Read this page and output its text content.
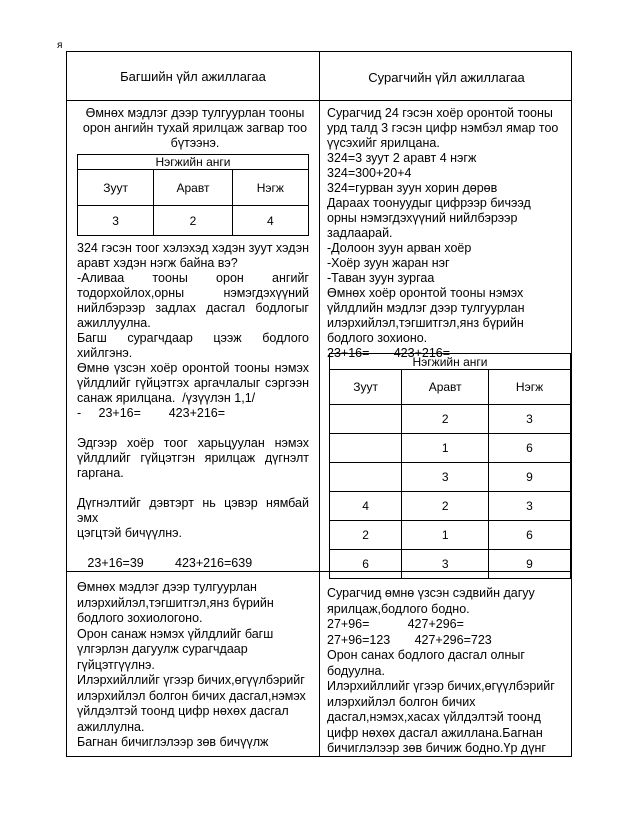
я
Багшийн үйл ажиллагаа	Сурагчийн үйл ажиллагаа
Өмнөх мэдлэг дээр тулгуурлан тооны
орон ангийн тухай ярилцаж загвар тоо
бүтээнэ.
Нэгжийн анги		
Зуут	Аравт	Нэгж
3	2	4
324 гэсэн тоог хэлэхэд хэдэн зуут хэдэн
аравт хэдэн нэгж байна вэ?
-Аливаа тооны орон ангийг
тодорхойлох,орны нэмэгдэхүүний
нийлбэрээр задлах дасгал бодлогыг
ажиллуулна.
Багш сурагчдаар цээж бодлого
хийлгэнэ.
Өмнө үзсэн хоёр оронтой тооны нэмэх
үйлдлийг гүйцэтгэх аргачлалыг сэргээн
санаж ярилцана.  /үзүүлэн 1,1/
-     23+16=        423+216=
Эдгээр хоёр тоог харьцуулан нэмэх
үйлдлийг гүйцэтгэн ярилцаж дүгнэлт
гаргана.
Дүгнэлтийг дэвтэрт нь цэвэр нямбай эмх
цэгцтэй бичүүлнэ.
23+16=39         423+216=639
Сурагчид 24 гэсэн хоёр оронтой тооны
урд талд 3 гэсэн цифр нэмбэл ямар тоо
үүсэхийг ярилцана.
324=3 зуут 2 аравт 4 нэгж
324=300+20+4
324=гурван зуун хорин дөрөв
Дараах тоонуудыг цифрээр бичээд
орны нэмэгдэхүүний нийлбэрээр
задлаарай.
-Долоон зуун арван хоёр
-Хоёр зуун жаран нэг
-Таван зуун зургаа
Өмнөх хоёр оронтой тооны нэмэх
үйлдлийн мэдлэг дээр тулгуурлан
илэрхийлэл,тэгшитгэл,янз бүрийн
бодлого зохионо.
23+16=       423+216=
Нэгжийн анги		
Зуут	Аравт	Нэгж
	2	3
	1	6
	3	9
4	2	3
2	1	6
6	3	9
Өмнөх мэдлэг дээр тулгуурлан
илэрхийлэл,тэгшитгэл,янз бүрийн
бодлого зохиологоно.
Орон санаж нэмэх үйлдлийг багш
үлгэрлэн дагуулж сурагчдаар
гүйцэтгүүлнэ.
Илэрхийллийг үгээр бичих,өгүүлбэрийг
илэрхийлэл болгон бичих дасгал,нэмэх
үйлдэлтэй тоонд цифр нөхөх дасгал
ажиллулна.
Багнан бичиглэлээр зөв бичүүлж
Сурагчид өмнө үзсэн сэдвийн дагуу
ярилцаж,бодлого бодно.
27+96=           427+296=
27+96=123       427+296=723
Орон санах бодлого дасгал олныг
бодуулна.
Илэрхийллийг үгээр бичих,өгүүлбэрийг
илэрхийлэл болгон бичих
дасгал,нэмэх,хасах үйлдэлтэй тоонд
цифр нөхөх дасгал ажиллана.Багнан
бичиглэлээр зөв бичиж бодно.Үр дүнг
